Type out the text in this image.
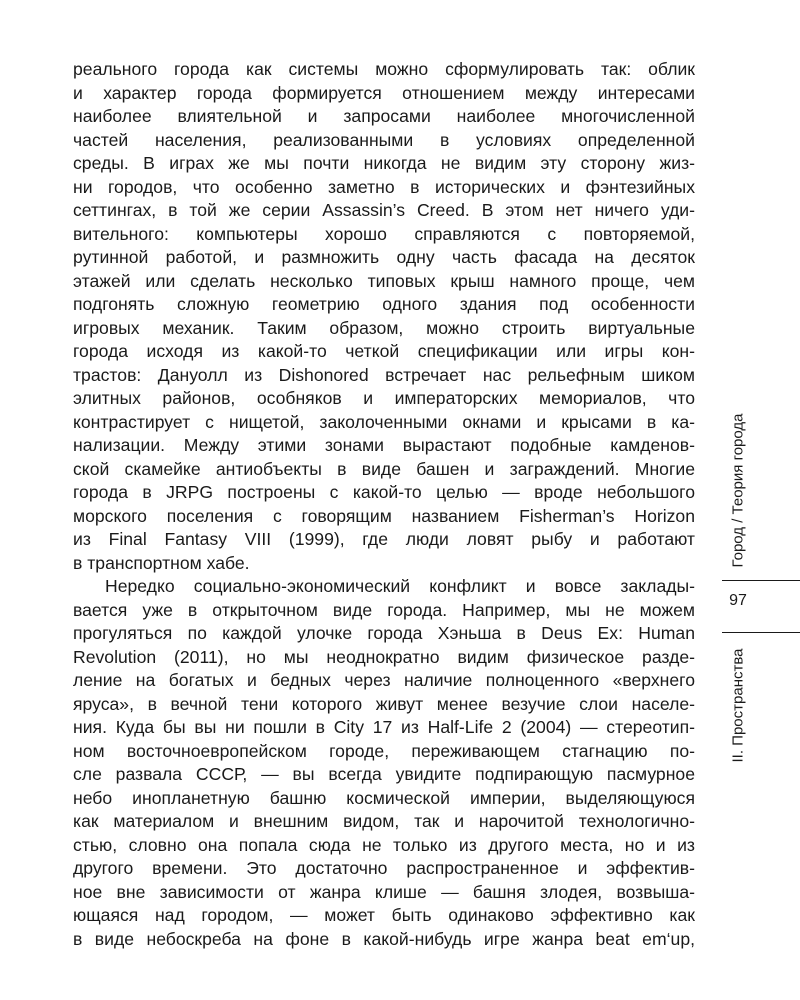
реального города как системы можно сформулировать так: облик
и характер города формируется отношением между интересами
наиболее влиятельной и запросами наиболее многочисленной
частей населения, реализованными в условиях определенной
среды. В играх же мы почти никогда не видим эту сторону жиз-
ни городов, что особенно заметно в исторических и фэнтезийных
сеттингах, в той же серии Assassin’s Creed. В этом нет ничего уди-
вительного: компьютеры хорошо справляются с повторяемой,
рутинной работой, и размножить одну часть фасада на десяток
этажей или сделать несколько типовых крыш намного проще, чем
подгонять сложную геометрию одного здания под особенности
игровых механик. Таким образом, можно строить виртуальные
города исходя из какой-то четкой спецификации или игры кон-
трастов: Дануолл из Dishonored встречает нас рельефным шиком
элитных районов, особняков и императорских мемориалов, что
контрастирует с нищетой, заколоченными окнами и крысами в ка-
нализации. Между этими зонами вырастают подобные камденов-
ской скамейке антиобъекты в виде башен и заграждений. Многие
города в JRPG построены с какой-то целью — вроде небольшого
морского поселения с говорящим названием Fisherman’s Horizon
из Final Fantasy VIII (1999), где люди ловят рыбу и работают
в транспортном хабе.
Нередко социально-экономический конфликт и вовсе заклады-
вается уже в открыточном виде города. Например, мы не можем
прогуляться по каждой улочке города Хэньша в Deus Ex: Human
Revolution (2011), но мы неоднократно видим физическое разде-
ление на богатых и бедных через наличие полноценного «верхнего
яруса», в вечной тени которого живут менее везучие слои населе-
ния. Куда бы вы ни пошли в City 17 из Half-Life 2 (2004) — стереотип-
ном восточноевропейском городе, переживающем стагнацию по-
сле развала СССР, — вы всегда увидите подпирающую пасмурное
небо инопланетную башню космической империи, выделяющуюся
как материалом и внешним видом, так и нарочитой технологично-
стью, словно она попала сюда не только из другого места, но и из
другого времени. Это достаточно распространенное и эффектив-
ное вне зависимости от жанра клише — башня злодея, возвыша-
ющаяся над городом, — может быть одинаково эффективно как
в виде небоскреба на фоне в какой-нибудь игре жанра beat em‘up,
Город / Теория города
97
II. Пространства
